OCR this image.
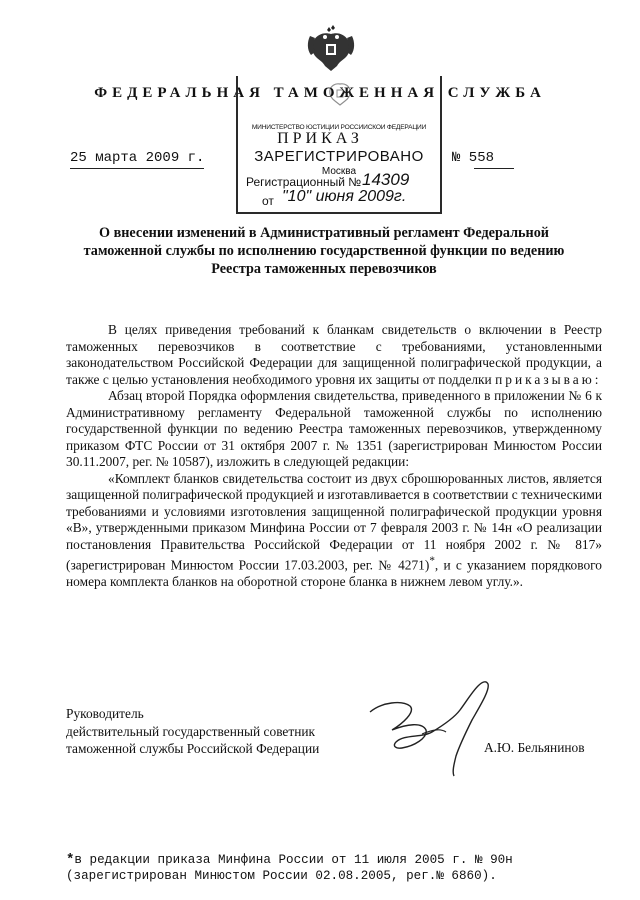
ФЕДЕРАЛЬНАЯ ТАМОЖЕННАЯ СЛУЖБА
МИНИСТЕРСТВО ЮСТИЦИИ РОССИЙСКОЙ ФЕДЕРАЦИИ
ЗАРЕГИСТРИРОВАНО
Москва
Регистрационный № 14309
от "10" июня 2009г.
ПРИКАЗ
25 марта 2009 г.	№ 558
О внесении изменений в Административный регламент Федеральной таможенной службы по исполнению государственной функции по ведению Реестра таможенных перевозчиков

В целях приведения требований к бланкам свидетельств о включении в Реестр таможенных перевозчиков в соответствие с требованиями, установленными законодательством Российской Федерации для защищенной полиграфической продукции, а также с целью установления необходимого уровня их защиты от подделки приказываю:

Абзац второй Порядка оформления свидетельства, приведенного в приложении № 6 к Административному регламенту Федеральной таможенной службы по исполнению государственной функции по ведению Реестра таможенных перевозчиков, утвержденному приказом ФТС России от 31 октября 2007 г. № 1351 (зарегистрирован Минюстом России 30.11.2007, рег. № 10587), изложить в следующей редакции:

«Комплект бланков свидетельства состоит из двух сброшюрованных листов, является защищенной полиграфической продукцией и изготавливается в соответствии с техническими требованиями и условиями изготовления защищенной полиграфической продукции уровня «В», утвержденными приказом Минфина России от 7 февраля 2003 г. № 14н «О реализации постановления Правительства Российской Федерации от 11 ноября 2002 г. № 817» (зарегистрирован Минюстом России 17.03.2003, рег. № 4271)*, и с указанием порядкового номера комплекта бланков на оборотной стороне бланка в нижнем левом углу.».

Руководитель
действительный государственный советник
таможенной службы Российской Федерации	А.Ю. Бельянинов
*в редакции приказа Минфина России от 11 июля 2005 г. № 90н
(зарегистрирован Минюстом России 02.08.2005, рег.№ 6860).
